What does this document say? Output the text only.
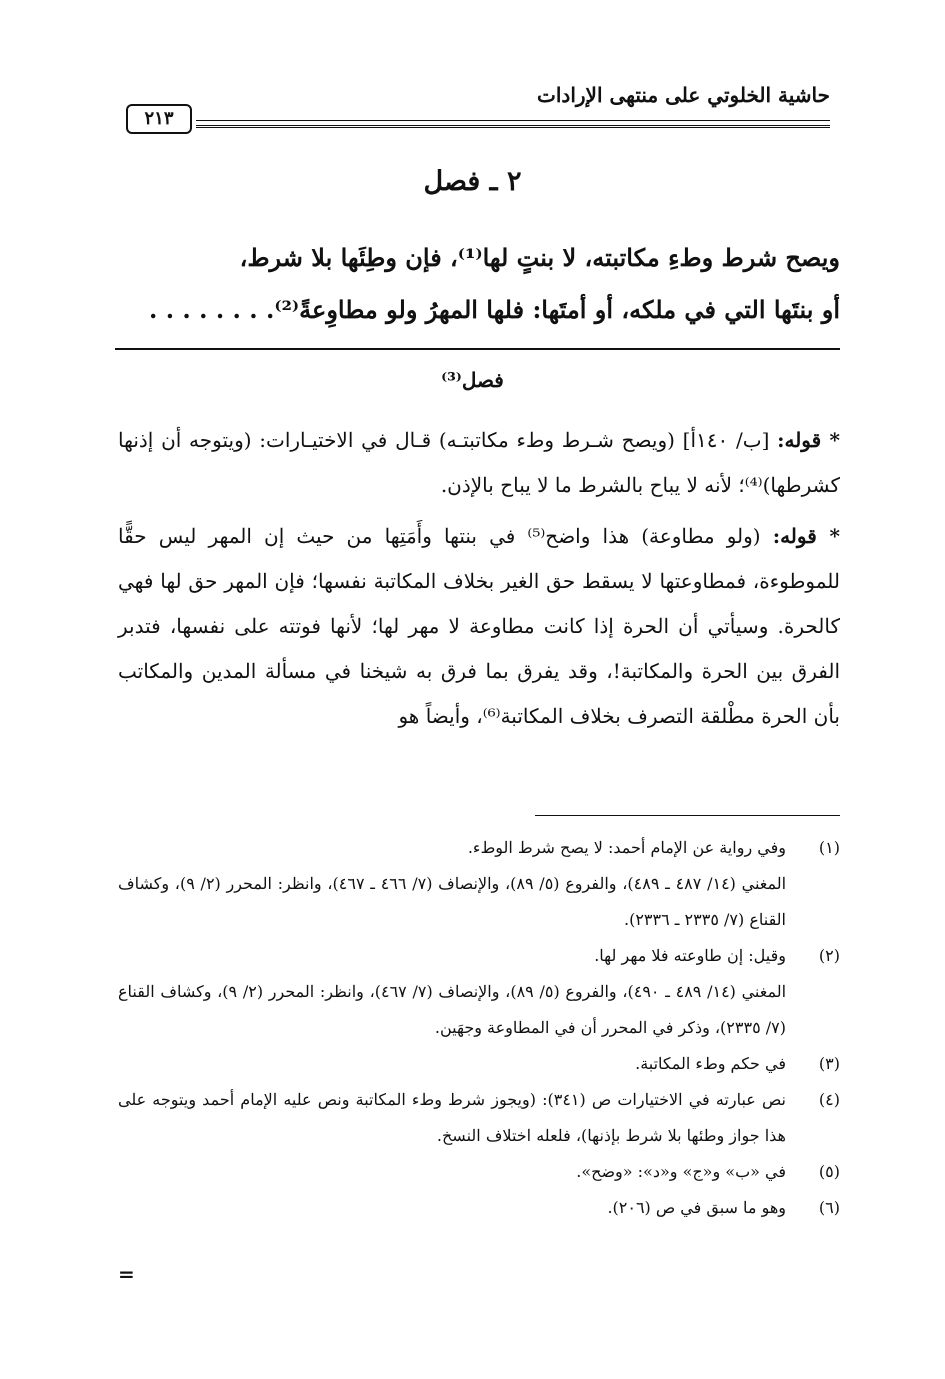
حاشية الخلوتي على منتهى الإرادات
٢١٣
٢ ـ فصل

ويصح شرط وطءِ مكاتبته، لا بنتٍ لها⁽¹⁾، فإن وطِئَها بلا شرط،

أو بنتَها التي في ملكه، أو أمتَها: فلها المهرُ ولو مطاوِعةً⁽²⁾. . . . . . . .

فصل⁽³⁾

* قوله: [ب/ ١٤٠أ] (ويصح شـرط وطء مكاتبتـه) قـال في الاختيـارات: (ويتوجه أن إذنها كشرطها)⁽⁴⁾؛ لأنه لا يباح بالشرط ما لا يباح بالإذن.

* قوله: (ولو مطاوعة) هذا واضح⁽⁵⁾ في بنتها وأَمَتِها من حيث إن المهر ليس حقًّا للموطوءة، فمطاوعتها لا يسقط حق الغير بخلاف المكاتبة نفسها؛ فإن المهر حق لها فهي كالحرة. وسيأتي أن الحرة إذا كانت مطاوعة لا مهر لها؛ لأنها فوتته على نفسها، فتدبر الفرق بين الحرة والمكاتبة!، وقد يفرق بما فرق به شيخنا في مسألة المدين والمكاتب بأن الحرة مطْلقة التصرف بخلاف المكاتبة⁽⁶⁾، وأيضاً هو

(١)
وفي رواية عن الإمام أحمد: لا يصح شرط الوطء.
المغني (١٤/ ٤٨٧ ـ ٤٨٩)، والفروع (٥/ ٨٩)، والإنصاف (٧/ ٤٦٦ ـ ٤٦٧)، وانظر: المحرر (٢/ ٩)، وكشاف القناع (٧/ ٢٣٣٥ ـ ٢٣٣٦).
(٢)
وقيل: إن طاوعته فلا مهر لها.
المغني (١٤/ ٤٨٩ ـ ٤٩٠)، والفروع (٥/ ٨٩)، والإنصاف (٧/ ٤٦٧)، وانظر: المحرر (٢/ ٩)، وكشاف القناع (٧/ ٢٣٣٥)، وذكر في المحرر أن في المطاوعة وجهَين.
(٣)
في حكم وطء المكاتبة.
(٤)
نص عبارته في الاختيارات ص (٣٤١): (ويجوز شرط وطء المكاتبة ونص عليه الإمام أحمد ويتوجه على هذا جواز وطئها بلا شرط بإذنها)، فلعله اختلاف النسخ.
(٥)
في «ب» و«ج» و«د»: «وضح».
(٦)
وهو ما سبق في ص (٢٠٦).
=
